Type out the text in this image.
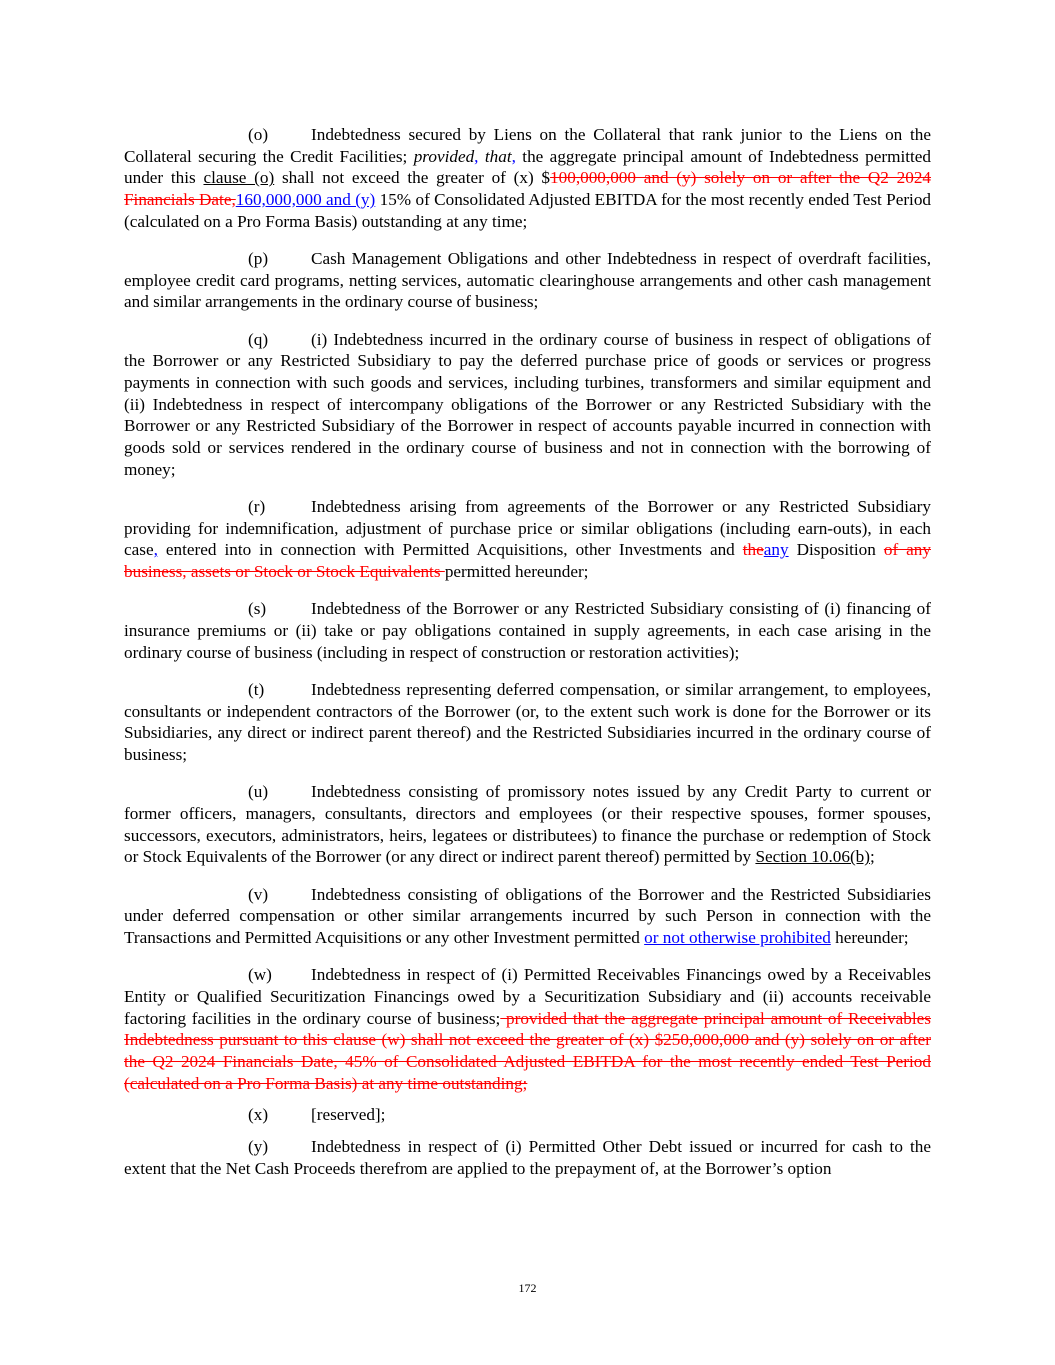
(o) Indebtedness secured by Liens on the Collateral that rank junior to the Liens on the Collateral securing the Credit Facilities; provided, that, the aggregate principal amount of Indebtedness permitted under this clause (o) shall not exceed the greater of (x) $100,000,000 and (y) solely on or after the Q2 2024 Financials Date,160,000,000 and (y) 15% of Consolidated Adjusted EBITDA for the most recently ended Test Period (calculated on a Pro Forma Basis) outstanding at any time;

(p) Cash Management Obligations and other Indebtedness in respect of overdraft facilities, employee credit card programs, netting services, automatic clearinghouse arrangements and other cash management and similar arrangements in the ordinary course of business;

(q) (i) Indebtedness incurred in the ordinary course of business in respect of obligations of the Borrower or any Restricted Subsidiary to pay the deferred purchase price of goods or services or progress payments in connection with such goods and services, including turbines, transformers and similar equipment and (ii) Indebtedness in respect of intercompany obligations of the Borrower or any Restricted Subsidiary with the Borrower or any Restricted Subsidiary of the Borrower in respect of accounts payable incurred in connection with goods sold or services rendered in the ordinary course of business and not in connection with the borrowing of money;

(r)	Indebtedness arising from agreements of the Borrower or any Restricted Subsidiary providing for indemnification, adjustment of purchase price or similar obligations (including earn-outs), in each case, entered into in connection with Permitted Acquisitions, other Investments and theany Disposition of any business, assets or Stock or Stock Equivalents permitted hereunder;

(s)	Indebtedness of the Borrower or any Restricted Subsidiary consisting of (i) financing of insurance premiums or (ii) take or pay obligations contained in supply agreements, in each case arising in the ordinary course of business (including in respect of construction or restoration activities);

(t)	Indebtedness representing deferred compensation, or similar arrangement, to employees, consultants or independent contractors of the Borrower (or, to the extent such work is done for the Borrower or its Subsidiaries, any direct or indirect parent thereof) and the Restricted Subsidiaries incurred in the ordinary course of business;

(u) Indebtedness consisting of promissory notes issued by any Credit Party to current or former officers, managers, consultants, directors and employees (or their respective spouses, former spouses, successors, executors, administrators, heirs, legatees or distributees) to finance the purchase or redemption of Stock or Stock Equivalents of the Borrower (or any direct or indirect parent thereof) permitted by Section 10.06(b);

(v) Indebtedness consisting of obligations of the Borrower and the Restricted Subsidiaries under deferred compensation or other similar arrangements incurred by such Person in connection with the Transactions and Permitted Acquisitions or any other Investment permitted or not otherwise prohibited hereunder;

(w) Indebtedness in respect of (i) Permitted Receivables Financings owed by a Receivables Entity or Qualified Securitization Financings owed by a Securitization Subsidiary and (ii) accounts receivable factoring facilities in the ordinary course of business; provided that the aggregate principal amount of Receivables Indebtedness pursuant to this clause (w) shall not exceed the greater of (x) $250,000,000 and (y) solely on or after the Q2 2024 Financials Date, 45% of Consolidated Adjusted EBITDA for the most recently ended Test Period (calculated on a Pro Forma Basis) at any time outstanding;

(x) [reserved];

(y) Indebtedness in respect of (i) Permitted Other Debt issued or incurred for cash to the extent that the Net Cash Proceeds therefrom are applied to the prepayment of, at the Borrower’s option

172
